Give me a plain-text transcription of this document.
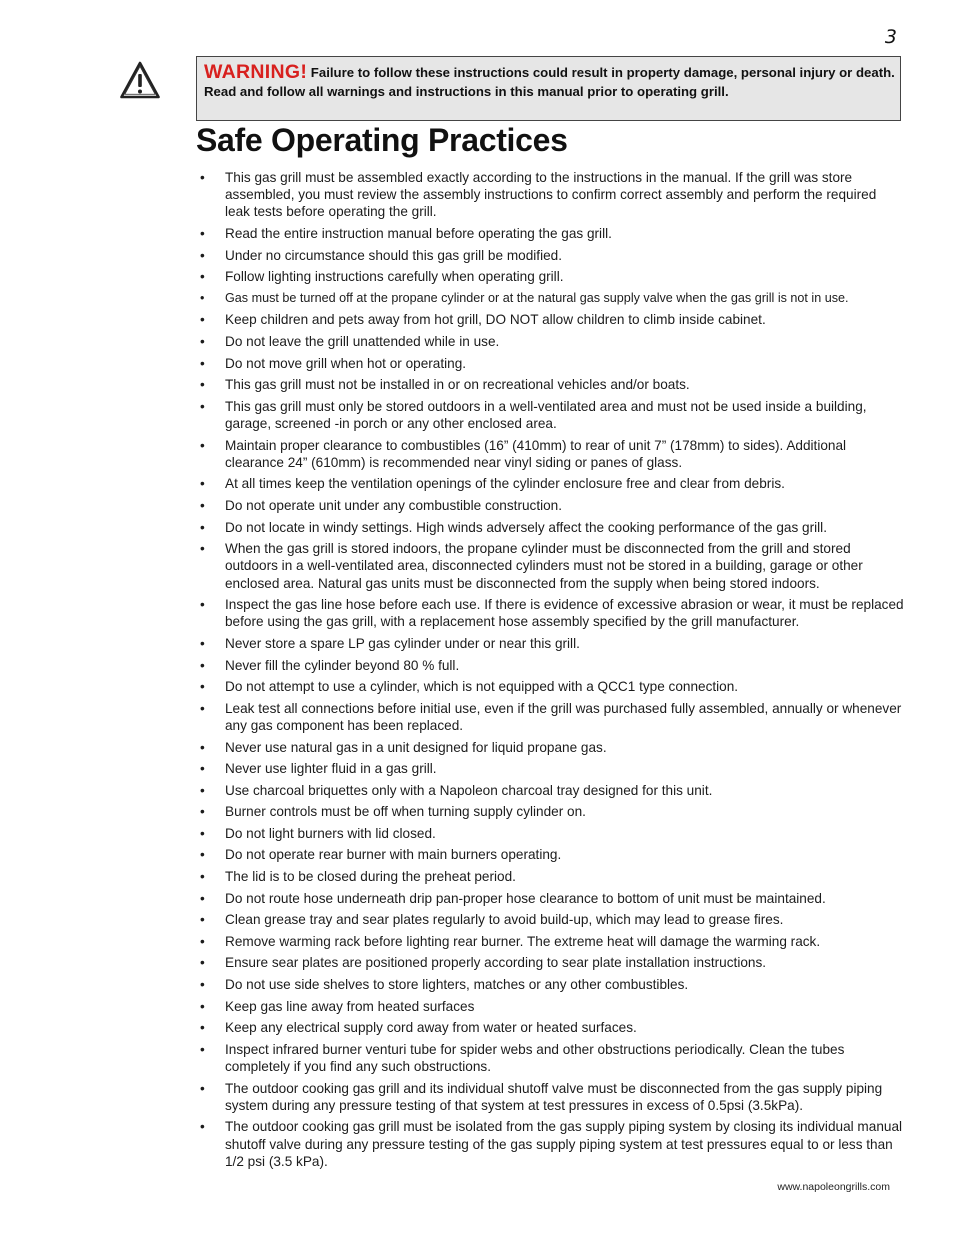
3
WARNING! Failure to follow these instructions could result in property damage, personal injury or death. Read and follow all warnings and instructions in this manual prior to operating grill.
Safe Operating Practices
• This gas grill must be assembled exactly according to the instructions in the manual. If the grill was store assembled, you must review the assembly instructions to confirm correct assembly and perform the required leak tests before operating the grill.
• Read the entire instruction manual before operating the gas grill.
• Under no circumstance should this gas grill be modified.
• Follow lighting instructions carefully when operating grill.
• Gas must be turned off at the propane cylinder or at the natural gas supply valve when the gas grill is not in use.
• Keep children and pets away from hot grill, DO NOT allow children to climb inside cabinet.
• Do not leave the grill unattended while in use.
• Do not move grill when hot or operating.
• This gas grill must not be installed in or on recreational vehicles and/or boats.
• This gas grill must only be stored outdoors in a well-ventilated area and must not be used inside a building, garage, screened -in porch or any other enclosed area.
• Maintain proper clearance to combustibles (16” (410mm) to rear of unit 7” (178mm) to sides). Additional clearance 24” (610mm) is recommended near vinyl siding or panes of glass.
• At all times keep the ventilation openings of the cylinder enclosure free and clear from debris.
• Do not operate unit under any combustible construction.
• Do not locate in windy settings. High winds adversely affect the cooking performance of the gas grill.
• When the gas grill is stored indoors, the propane cylinder must be disconnected from the grill and stored outdoors in a well-ventilated area, disconnected cylinders must not be stored in a building, garage or other enclosed area. Natural gas units must be disconnected from the supply when being stored indoors.
• Inspect the gas line hose before each use. If there is evidence of excessive abrasion or wear, it must be replaced before using the gas grill, with a replacement hose assembly specified by the grill manufacturer.
• Never store a spare LP gas cylinder under or near this grill.
• Never fill the cylinder beyond 80 % full.
• Do not attempt to use a cylinder, which is not equipped with a QCC1 type connection.
• Leak test all connections before initial use, even if the grill was purchased fully assembled, annually or whenever any gas component has been replaced.
• Never use natural gas in a unit designed for liquid propane gas.
• Never use lighter fluid in a gas grill.
• Use charcoal briquettes only with a Napoleon charcoal tray designed for this unit.
• Burner controls must be off when turning supply cylinder on.
• Do not light burners with lid closed.
• Do not operate rear burner with main burners operating.
• The lid is to be closed during the preheat period.
• Do not route hose underneath drip pan-proper hose clearance to bottom of unit must be maintained.
• Clean grease tray and sear plates regularly to avoid build-up, which may lead to grease fires.
• Remove warming rack before lighting rear burner. The extreme heat will damage the warming rack.
• Ensure sear plates are positioned properly according to sear plate installation instructions.
• Do not use side shelves to store lighters, matches or any other combustibles.
• Keep gas line away from heated surfaces
• Keep any electrical supply cord away from water or heated surfaces.
• Inspect infrared burner venturi tube for spider webs and other obstructions periodically. Clean the tubes completely if you find any such obstructions.
• The outdoor cooking gas grill and its individual shutoff valve must be disconnected from the gas supply piping system during any pressure testing of that system at test pressures in excess of 0.5psi (3.5kPa).
• The outdoor cooking gas grill must be isolated from the gas supply piping system by closing its individual manual shutoff valve during any pressure testing of the gas supply piping system at test pressures equal to or less than 1/2 psi (3.5 kPa).
www.napoleongrills.com
